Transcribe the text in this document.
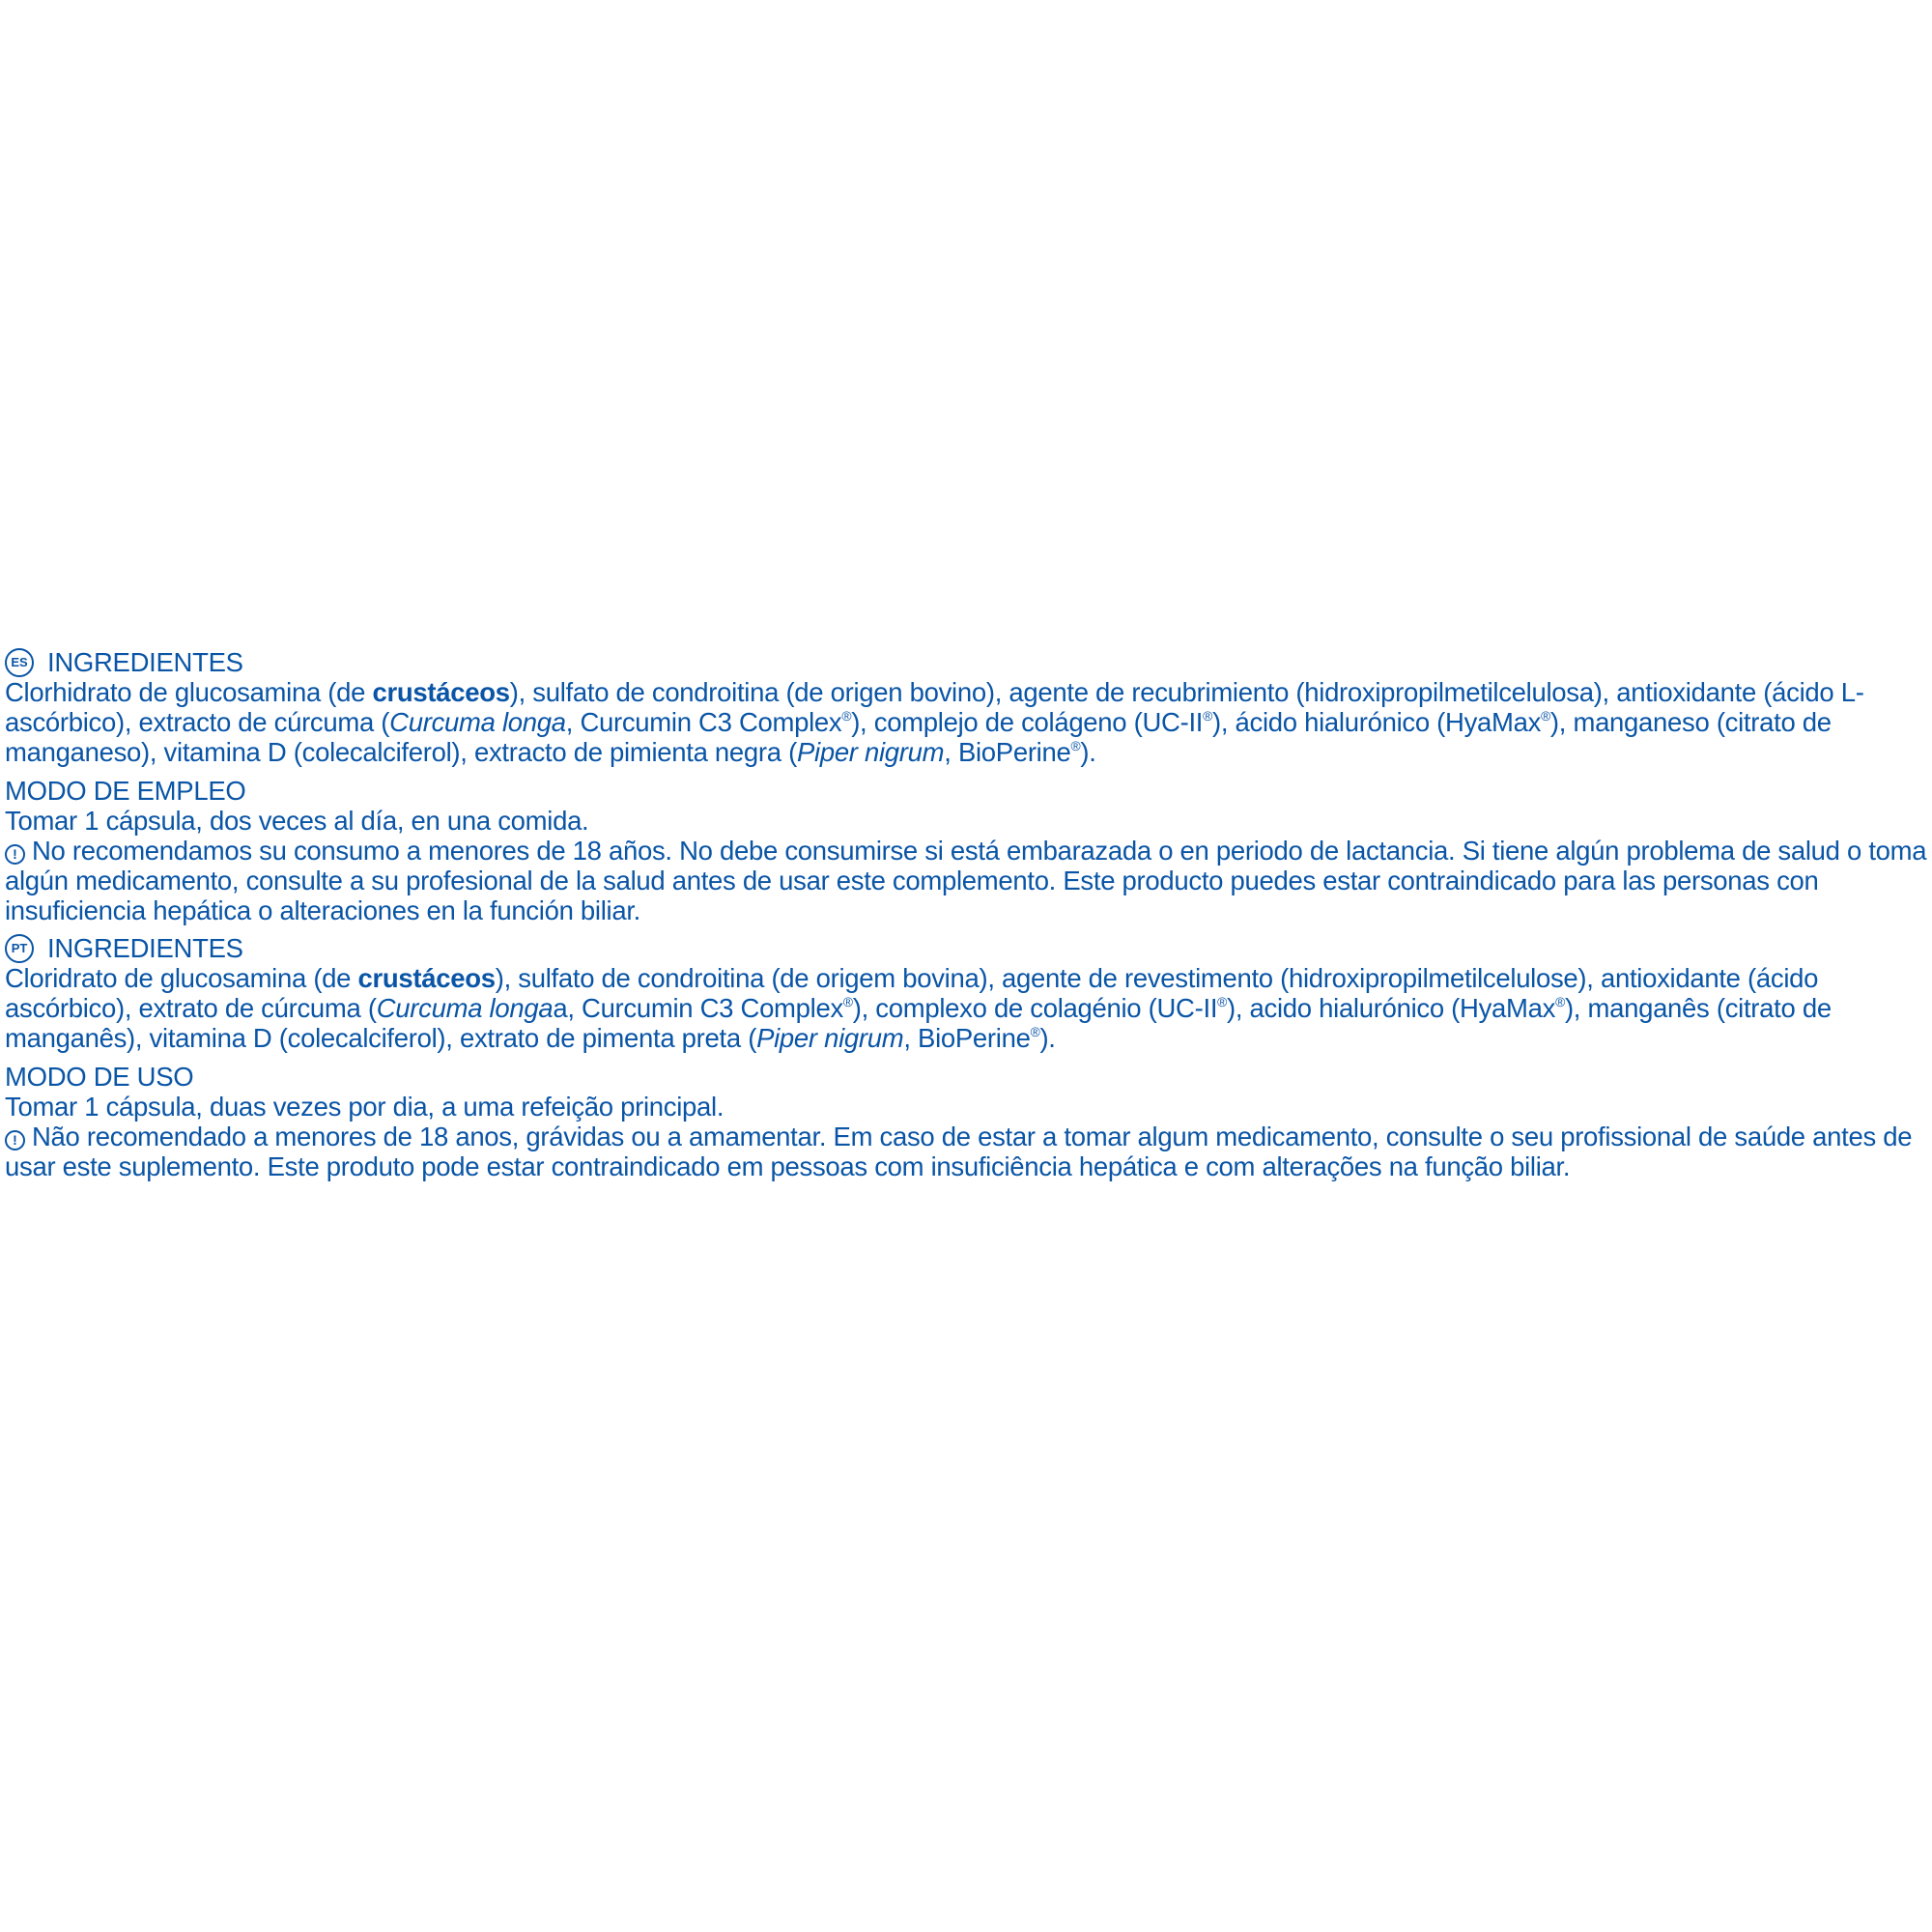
ES INGREDIENTES

Clorhidrato de glucosamina (de crustáceos), sulfato de condroitina (de origen bovino), agente de recubrimiento (hidroxipropilmetilcelulosa), antioxidante (ácido L-ascórbico), extracto de cúrcuma (Curcuma longa, Curcumin C3 Complex®), complejo de colágeno (UC-II®), ácido hialurónico (HyaMax®), manganeso (citrato de manganeso), vitamina D (colecalciferol), extracto de pimienta negra (Piper nigrum, BioPerine®).

MODO DE EMPLEO

Tomar 1 cápsula, dos veces al día, en una comida.

! No recomendamos su consumo a menores de 18 años. No debe consumirse si está embarazada o en periodo de lactancia. Si tiene algún problema de salud o toma algún medicamento, consulte a su profesional de la salud antes de usar este complemento. Este producto puedes estar contraindicado para las personas con insuficiencia hepática o alteraciones en la función biliar.

PT INGREDIENTES

Cloridrato de glucosamina (de crustáceos), sulfato de condroitina (de origem bovina), agente de revestimento (hidroxipropilmetilcelulose), antioxidante (ácido ascórbico), extrato de cúrcuma (Curcuma longaa, Curcumin C3 Complex®), complexo de colagénio (UC-II®), acido hialurónico (HyaMax®), manganês (citrato de manganês), vitamina D (colecalciferol), extrato de pimenta preta (Piper nigrum, BioPerine®).

MODO DE USO

Tomar 1 cápsula, duas vezes por dia, a uma refeição principal.

! Não recomendado a menores de 18 anos, grávidas ou a amamentar. Em caso de estar a tomar algum medicamento, consulte o seu profissional de saúde antes de usar este suplemento. Este produto pode estar contraindicado em pessoas com insuficiência hepática e com alterações na função biliar.
